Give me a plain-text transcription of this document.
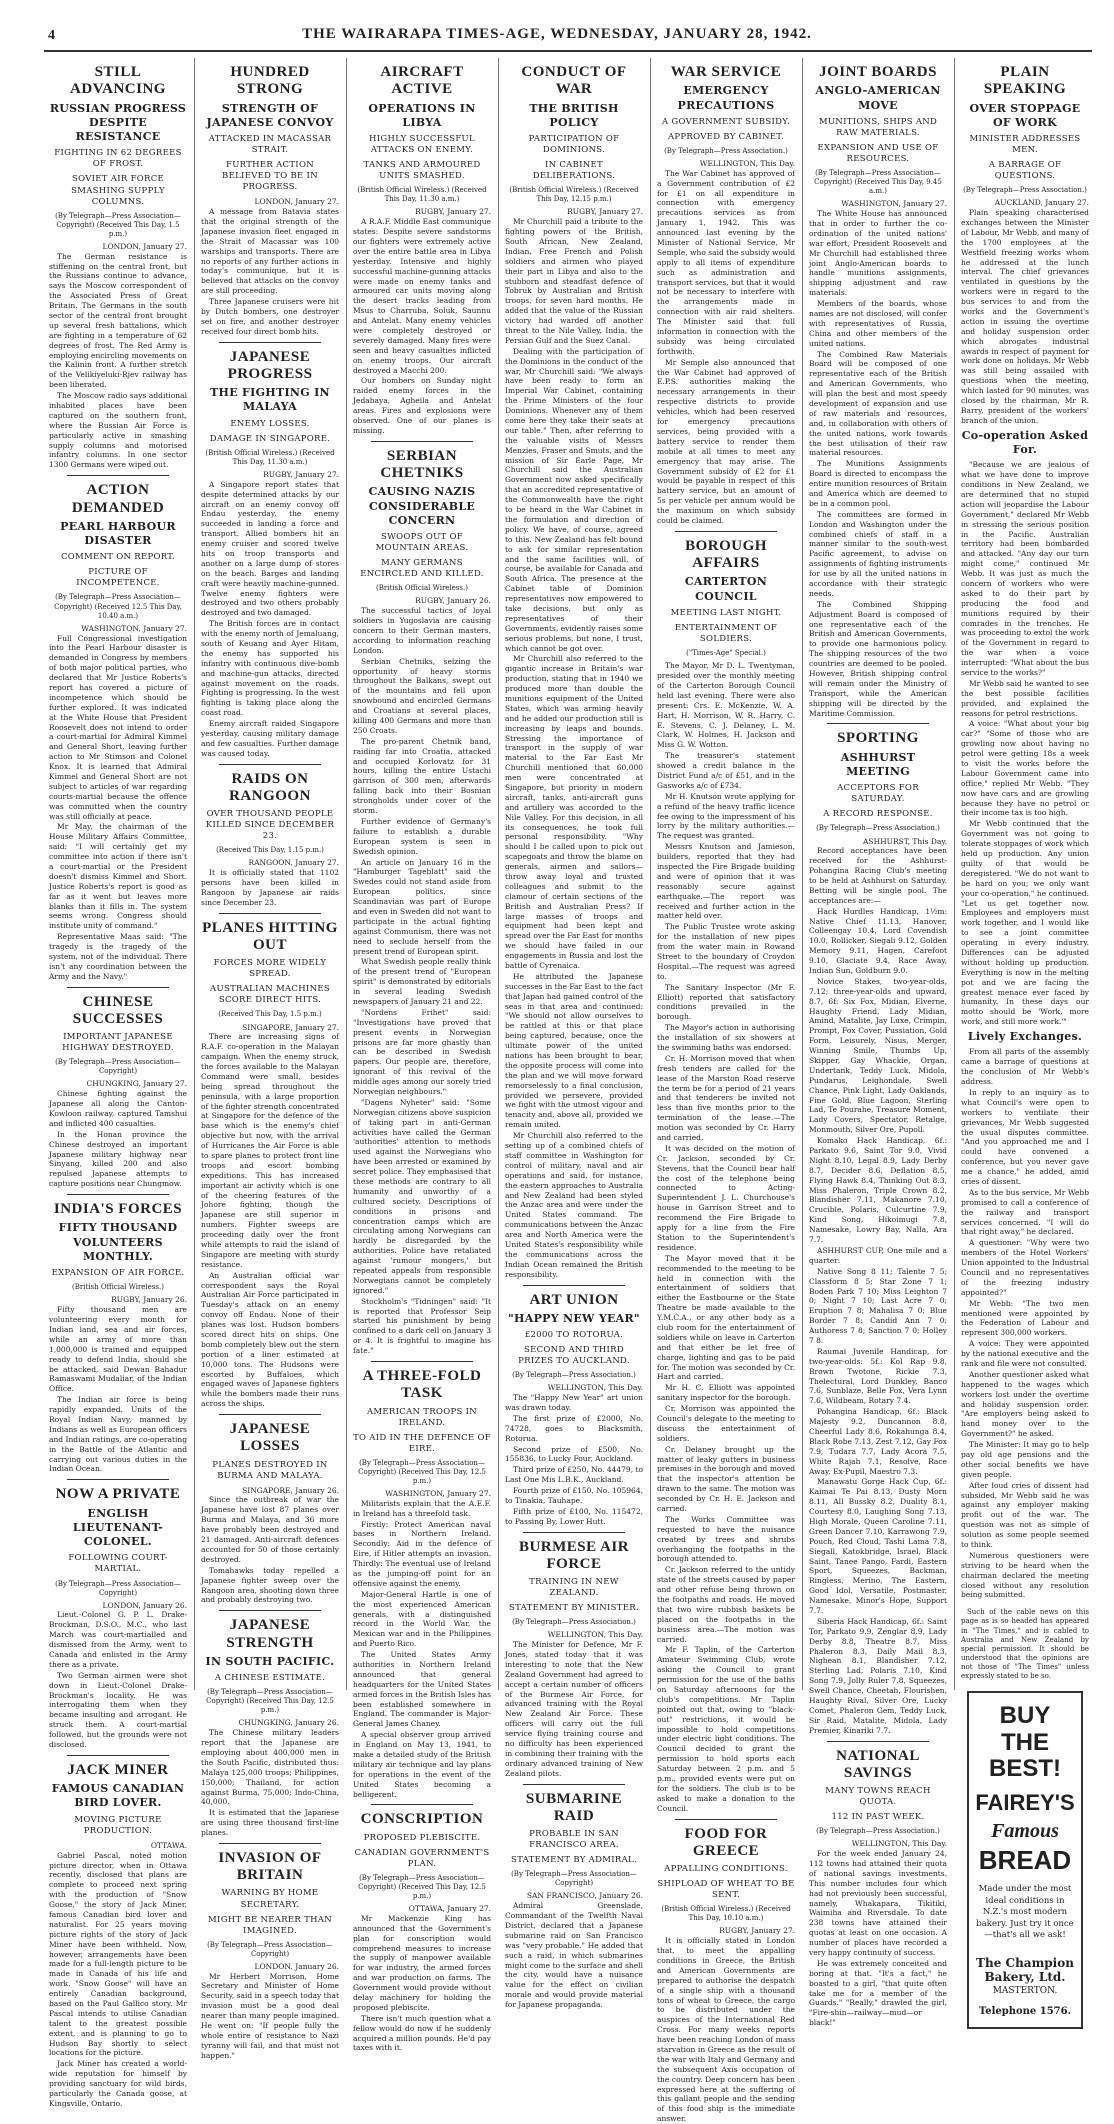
4	THE WAIRARAPA TIMES-AGE, WEDNESDAY, JANUARY 28, 1942.
STILL ADVANCING
RUSSIAN PROGRESS DESPITE RESISTANCE
FIGHTING IN 62 DEGREES OF FROST.
SOVIET AIR FORCE SMASHING SUPPLY COLUMNS.
(By Telegraph—Press Association—Copyright) (Received This Day, 1.5 p.m.)
LONDON, January 27.
The German resistance is stiffening on the central front, but the Russians continue to advance, says the Moscow correspondent of the Associated Press of Great Britain. The Germans in the south sector of the central front brought up several fresh battalions, which are fighting in a temperature of 62 degrees of frost. The Red Army is employing encircling movements on the Kalinin front. A further stretch of the Velikiyeluki-Rjev railway has been liberated.
The Moscow radio says additional inhabited places have been captured on the southern front, where the Russian Air Force is particularly active in smashing supply columns and motorised infantry columns. In one sector 1300 Germans were wiped out.
ACTION DEMANDED
PEARL HARBOUR DISASTER
COMMENT ON REPORT.
PICTURE OF INCOMPETENCE.
(By Telegraph—Press Association—Copyright) (Received 12.5 This Day, 10.40 a.m.)
WASHINGTON, January 27.
Full Congressional investigation into the Pearl Harbour disaster is demanded in Congress by members of both major political parties, who declared that Mr Justice Roberts's report has covered a picture of incompetence which should be further explored. It was indicated at the White House that President Roosevelt does not intend to order a court-martial for Admiral Kimmel and General Short, leaving further action to Mr Stimson and Colonel Knox. It is learned that Admiral Kimmel and General Short are not subject to articles of war regarding courts-martial because the offence was committed when the country was still officially at peace.
Mr May, the chairman of the House Military Affairs Committee, said: "I will certainly get my committee into action if there isn't a court-martial or the President doesn't dismiss Kimmel and Short. Justice Roberts's report is good as far as it went but leaves more blanks than it fills in. The system seems wrong. Congress should institute unity of command."
Representative Maas said: "The tragedy is the tragedy of the system, not of the individual. There isn't any coordination between the Army and the Navy."
CHINESE SUCCESSES
IMPORTANT JAPANESE HIGHWAY DESTROYED.
(By Telegraph—Press Association—Copyright)
CHUNGKING, January 27.
Chinese fighting against the Japanese all along the Canton-Kowloon railway, captured Tamshui and inflicted 400 casualties.
In the Honan province the Chinese destroyed an important Japanese military highway near Sinyang, killed 200 and also repulsed Japanese attempts to capture positions near Chungmow.
INDIA'S FORCES
FIFTY THOUSAND VOLUNTEERS MONTHLY.
EXPANSION OF AIR FORCE.
(British Official Wireless.)
RUGBY, January 26.
Fifty thousand men are volunteering every month for Indian land, sea and air forces, while an army of more than 1,000,000 is trained and equipped ready to defend India, should she be attacked, said Dewan Bahadur Ramaswami Mudaliar, of the Indian Office.
The Indian air force is being rapidly expanded. Units of the Royal Indian Navy, manned by Indians as well as European officers and Indian ratings, are co-operating in the Battle of the Atlantic and carrying out various duties in the Indian Ocean.
NOW A PRIVATE
ENGLISH LIEUTENANT-COLONEL.
FOLLOWING COURT-MARTIAL.
(By Telegraph—Press Association—Copyright)
LONDON, January 26.
Lieut.-Colonel G. P. L. Drake-Brockman, D.S.O., M.C., who last March was court-martialled and dismissed from the Army, went to Canada and enlisted in the Army there as a private.
Two German airmen were shot down in Lieut.-Colonel Drake-Brockman's locality. He was interrogating them when they became insulting and arrogant. He struck them. A court-martial followed, but the grounds were not disclosed.
JACK MINER
FAMOUS CANADIAN BIRD LOVER.
MOVING PICTURE PRODUCTION.
OTTAWA.
Gabriel Pascal, noted motion picture director, when in Ottawa recently, disclosed that plans are complete to proceed next spring with the production of "Snow Goose," the story of Jack Miner, famous Canadian bird lover and naturalist. For 25 years moving picture rights of the story of Jack Miner have been withheld. Now, however, arrangements have been made for a full-length picture to be made in Canada of his life and work. "Snow Goose" will have an entirely Canadian background, based on the Paul Gallico story. Mr Pascal intends to utilise Canadian talent to the greatest possible extent, and is planning to go to Hudson Bay shortly to select locations for the picture.
Jack Miner has created a world-wide reputation for himself by providing sanctuary for wild birds, particularly the Canada goose, at Kingsville, Ontario.
HUNDRED STRONG
STRENGTH OF JAPANESE CONVOY
ATTACKED IN MACASSAR STRAIT.
FURTHER ACTION BELIEVED TO BE IN PROGRESS.
LONDON, January 27.
A message from Batavia states that the original strength of the Japanese invasion fleet engaged in the Strait of Macassar was 100 warships and transports. There are no reports of any further actions in today's communique, but it is believed that attacks on the convoy are still proceeding.
Three Japanese cruisers were hit by Dutch bombers, one destroyer set on fire, and another destroyer received four direct bomb hits.
JAPANESE PROGRESS
THE FIGHTING IN MALAYA
ENEMY LOSSES.
DAMAGE IN SINGAPORE.
(British Official Wireless.) (Received This Day, 11.30 a.m.)
RUGBY, January 27.
A Singapore report states that despite determined attacks by our aircraft on an enemy convoy off Endau yesterday, the enemy succeeded in landing a force and transport. Allied bombers hit an enemy cruiser and scored twelve hits on troop transports and another on a large dump of stores on the beach. Barges and landing craft were heavily machine-gunned. Twelve enemy fighters were destroyed and two others probably destroyed and two damaged.
The British forces are in contact with the enemy north of Jemaluang, south of Keuang and Ayer Hitam, the enemy has supported his infantry with continuous dive-bomb and machine-gun attacks, directed against movement on the roads. Fighting is progressing. In the west fighting is taking place along the coast road.
Enemy aircraft raided Singapore yesterday, causing military damage and few casualties. Further damage was caused today.
RAIDS ON RANGOON
OVER THOUSAND PEOPLE KILLED SINCE DECEMBER 23.
(Received This Day, 1.15 p.m.)
RANGOON, January 27.
It is officially stated that 1102 persons have been killed in Rangoon by Japanese air raids since December 23.
PLANES HITTING OUT
FORCES MORE WIDELY SPREAD.
AUSTRALIAN MACHINES SCORE DIRECT HITS.
(Received This Day, 1.5 p.m.)
SINGAPORE, January 27.
There are increasing signs of R.A.F. co-operation in the Malayan campaign. When the enemy struck, the forces available to the Malayan Command were small, besides being spread throughout the peninsula, with a large proportion of the fighter strength concentrated at Singapore for the defence of the base which is the enemy's chief objective but now, with the arrival of Hurricanes the Air Force is able to spare planes to protect front line troops and escort bombing expeditions. This has increased important air activity which is one of the cheering features of the Johore fighting, though the Japanese are still superior in numbers. Fighter sweeps are proceeding daily over the front while attempts to raid the island of Singapore are meeting with sturdy resistance.
An Australian official war correspondent says the Royal Australian Air Force participated in Tuesday's attack on an enemy convoy off Endau. None of their planes was lost. Hudson bombers scored direct hits on ships. One bomb completely blew out the stern portion of a liner estimated at 10,000 tons. The Hudsons were escorted by Buffaloes, which engaged waves of Japanese fighters while the bombers made their runs across the ships.
JAPANESE LOSSES
PLANES DESTROYED IN BURMA AND MALAYA.
SINGAPORE, January 26.
Since the outbreak of war the Japanese have lost 87 planes over Burma and Malaya, and 36 more have probably been destroyed and 21 damaged. Anti-aircraft defences accounted for 50 of those certainly destroyed.
Tomahawks today repelled a Japanese fighter sweep over the Rangoon area, shooting down three and probably destroying two.
JAPANESE STRENGTH
IN SOUTH PACIFIC.
A CHINESE ESTIMATE.
(By Telegraph—Press Association—Copyright) (Received This Day, 12.5 p.m.)
CHUNGKING, January 26.
The Chinese military leaders report that the Japanese are employing about 400,000 men in the South Pacific, distributed thus: Malaya 125,000 troops; Philippines, 150,000; Thailand, for action against Burma, 75,000; Indo-China, 40,000.
It is estimated that the Japanese are using three thousand first-line planes.
INVASION OF BRITAIN
WARNING BY HOME SECRETARY.
MIGHT BE NEARER THAN IMAGINED.
(By Telegraph—Press Association—Copyright)
LONDON, January 26.
Mr Herbert Morrison, Home Secretary and Minister of Home Security, said in a speech today that invasion must be a good deal nearer than many people imagined. He went on: "If people fully the whole entire of resistance to Nazi tyranny will fail, and that must not happen."
AIRCRAFT ACTIVE
OPERATIONS IN LIBYA
HIGHLY SUCCESSFUL ATTACKS ON ENEMY.
TANKS AND ARMOURED UNITS SMASHED.
(British Official Wireless.) (Received This Day, 11.30 a.m.)
RUGBY, January 27.
A R.A.F. Middle East communique states: Despite severe sandstorms our fighters were extremely active over the entire battle area in Libya yesterday. Intensive and highly successful machine-gunning attacks were made on enemy tanks and armoured car units moving along the desert tracks leading from Msus to Charruba, Soluk, Saunnu and Antelat. Many enemy vehicles were completely destroyed or severely damaged. Many fires were seen and heavy casualties inflicted on enemy troops. Our aircraft destroyed a Macchi 200.
Our bombers on Sunday night raided enemy forces in the Jedabaya, Agheila and Antelat areas. Fires and explosions were observed. One of our planes is missing.
SERBIAN CHETNIKS
CAUSING NAZIS CONSIDERABLE CONCERN
SWOOPS OUT OF MOUNTAIN AREAS.
MANY GERMANS ENCIRCLED AND KILLED.
(British Official Wireless.)
RUGBY, January 26.
The successful tactics of loyal soldiers in Yugoslavia are causing concern to their German masters, according to information reaching London.
Serbian Chetniks, seizing the opportunity of heavy storms throughout the Balkans, swept out of the mountains and fell upon snowbound and encircled Germans and Croatians at several places, killing 400 Germans and more than 250 Croats.
The pro-parent Chetnik band, raiding far into Croatia, attacked and occupied Korlovatz for 31 hours, killing the entire Ustachi garrison of 300 men, afterwards falling back into their Bosnian strongholds under cover of the storm.
Further evidence of Germany's failure to establish a durable European system is seen in Swedish opinion.
An article on January 16 in the "Hamburger Tageblatt" said the Swedes could not stand aside from European politics, since Scandinavian was part of Europe and even in Sweden did not want to participate in the actual fighting against Communism, there was not need to seclude herself from the present trend of European spirit.
What Swedish people really think of the present trend of "European spirit" is demonstrated by editorials in several leading Swedish newspapers of January 21 and 22.
"Nordens Frihet" said: "Investigations have proved that present events in Norwegian prisons are far more ghastly than can be described in Swedish papers. Our people are, therefore, ignorant of this revival of the middle ages among our sorely tried Norwegian neighbours."
"Dagens Nyheter" said: "Some Norwegian citizens above suspicion of taking part in anti-German activities have called the German 'authorities' attention to methods used against the Norwegians who have been arrested or examined by secret police. They emphasised that these methods are contrary to all humanity and unworthy of a cultured society. Descriptions of conditions in prisons and concentration camps which are circulating among Norwegians can hardly be disregarded by the authorities. Police have retaliated against 'rumour mongers,' but repeated appeals from responsible Norwegians cannot be completely ignored."
Stockholm's "Tidningen" said: "It is reported that Professor Seip started his punishment by being confined to a dark cell on January 3 or 4. It is frightful to imagine his fate."
A THREE-FOLD TASK
AMERICAN TROOPS IN IRELAND.
TO AID IN THE DEFENCE OF EIRE.
(By Telegraph—Press Association—Copyright) (Received This Day, 12.5 p.m.)
WASHINGTON, January 27.
Militarists explain that the A.E.F. in Ireland has a threefold task.
Firstly: Protect American naval bases in Northern Ireland. Secondly: Aid in the defence of Eire, if Hitler attempts an invasion. Thirdly: The eventual use of Ireland as the jumping-off point for an offensive against the enemy.
Major-General Hartle is one of the most experienced American generals, with a distinguished record in the World War, the Mexican war and in the Philippines and Puerto Rico.
The United States Army authorities in Northern Ireland announced that general headquarters for the United States armed forces in the British Isles has been established somewhere in England. The commander is Major-General James Chaney.
A special observer group arrived in England on May 13, 1941, to make a detailed study of the British military air technique and lay plans for operations in the event of the United States becoming a belligerent.
CONSCRIPTION
PROPOSED PLEBISCITE.
CANADIAN GOVERNMENT'S PLAN.
(By Telegraph—Press Association—Copyright) (Received This Day, 12.5 p.m.)
OTTAWA, January 27.
Mr Mackenzie King has announced that the Government's plan for conscription would comprehend measures to increase the supply of manpower available for war industry, the armed forces and war production on farms. The Government would provide without delay machinery for holding the proposed plebiscite.
There isn't much question what a fellow would do now if he suddenly acquired a million pounds. He'd pay taxes with it.
CONDUCT OF WAR
THE BRITISH POLICY
PARTICIPATION OF DOMINIONS.
IN CABINET DELIBERATIONS.
(British Official Wireless.) (Received This Day, 12.15 p.m.)
RUGBY, January 27.
Mr Churchill paid a tribute to the fighting powers of the British, South African, New Zealand, Indian, Free French and Polish soldiers and airmen who played their part in Libya and also to the stubborn and steadfast defence of Tobruk by Australian and British troops, for seven hard months. He added that the value of the Russian victory had warded off another threat to the Nile Valley, India, the Persian Gulf and the Suez Canal.
Dealing with the participation of the Dominions in the conduct of the war, Mr Churchill said: "We always have been ready to form an Imperial War Cabinet, containing the Prime Ministers of the four Dominions. Whenever any of them come here they take their seats at our table." Then, after referring to the valuable visits of Messrs Menzies, Fraser and Smuts, and the mission of Sir Earle Page, Mr Churchill said the Australian Government now asked specifically that an accredited representative of the Commonwealth have the right to be heard in the War Cabinet in the formulation and direction of policy. We have, of course, agreed to this. New Zealand has felt bound to ask for similar representation and the same facilities will, of course, be available for Canada and South Africa. The presence at the Cabinet table of Dominion representatives now empowered to take decisions, but only as representatives of their Governments, evidently raises some serious problems, but none, I trust, which cannot be got over.
Mr Churchill also referred to the gigantic increase in Britain's war production, stating that in 1940 we produced more than double the munitions equipment of the United States, which was arming heavily and he added our production still is increasing by leaps and bounds. Stressing the importance of transport in the supply of war material to the Far East Mr Churchill mentioned that 60,000 men were concentrated at Singapore, but priority in modern aircraft, tanks, anti-aircraft guns and artillery was accorded to the Nile Valley. For this decision, in all its consequences, he took full personal responsibility. "Why should I be called upon to pick out scapegoats and throw the blame on generals, airmen and sailors—throw away loyal and trusted colleagues and submit to the clamour of certain sections of the British and Australian Press? If large masses of troops and equipment had been kept and spread over the Far East for months we should have failed in our engagements in Russia and lost the battle of Cyrenaica.
He attributed the Japanese successes in the Far East to the fact that Japan had gained control of the seas in that area and continued: "We should not allow ourselves to be rattled at this or that place being captured, because, once the ultimate power of the united nations has been brought to bear, the opposite process will come into the plan and we will move forward remorselessly to a final conclusion, provided we persevere, provided we fight with the utmost vigour and tenacity and, above all, provided we remain united.
Mr Churchill also referred to the setting up of a combined chiefs of staff committee in Washington for control of military, naval and air operations and said, for instance, the eastern approaches to Australia and New Zealand had been styled the Anzac area and were under the United States command. The communications between the Anzac area and North America were the United States's responsibility while the communications across the Indian Ocean remained the British responsibility.
ART UNION
"HAPPY NEW YEAR"
£2000 TO ROTORUA.
SECOND AND THIRD PRIZES TO AUCKLAND.
(By Telegraph—Press Association.)
WELLINGTON, This Day.
The "Happy New Year" art union was drawn today.
The first prize of £2000, No. 74728, goes to Blacksmith, Rotorua.
Second prize of £500, No. 155836, to Lucky Four, Auckland.
Third prize of £250, No. 44479, to Last One Mis L.B.K., Auckland.
Fourth prize of £150, No. 105964, to Tinakia, Tauhape.
Fifth prize of £100, No. 115472, to Passing By, Lower Hutt.
BURMESE AIR FORCE
TRAINING IN NEW ZEALAND.
STATEMENT BY MINISTER.
(By Telegraph—Press Association.)
WELLINGTON, This Day.
The Minister for Defence, Mr F. Jones, stated today that it was interesting to note that the New Zealand Government had agreed to accept a certain number of officers of the Burmese Air Force, for advanced training with the Royal New Zealand Air Force. These officers will carry out the full service flying training course and no difficulty has been experienced in combining their training with the ordinary advanced training of New Zealand pilots.
SUBMARINE RAID
PROBABLE IN SAN FRANCISCO AREA.
STATEMENT BY ADMIRAL.
(By Telegraph—Press Association—Copyright)
SAN FRANCISCO, January 26.
Admiral Greenslade, Commandant of the Twelfth Naval District, declared that a Japanese submarine raid on San Francisco was "very probable." He added that such a raid, in which submarines might come to the surface and shell the city, would have a nuisance value for the effect on civilian morale and would provide material for Japanese propaganda.
WAR SERVICE
EMERGENCY PRECAUTIONS
A GOVERNMENT SUBSIDY.
APPROVED BY CABINET.
(By Telegraph—Press Association.)
WELLINGTON, This Day.
The War Cabinet has approved of a Government contribution of £2 for £1 on all expenditure in connection with emergency precautions services as from January 1, 1942. This was announced last evening by the Minister of National Service, Mr Semple, who said the subsidy would apply to all items of expenditure such as administration and transport services, but that it would not be necessary to interfere with the arrangements made in connection with air raid shelters. The Minister said that full information in connection with the subsidy was being circulated forthwith.
Mr Semple also announced that the War Cabinet had approved of E.P.S. authorities making the necessary arrangements in their respective districts to provide vehicles, which had been reserved for emergency precautions services, being provided with a battery service to render them mobile at all times to meet any emergency that may arise. The Government subsidy of £2 for £1 would be payable in respect of this battery service, but an amount of 5s per vehicle per annum would be the maximum on which subsidy could be claimed.
BOROUGH AFFAIRS
CARTERTON COUNCIL
MEETING LAST NIGHT.
ENTERTAINMENT OF SOLDIERS.
("Times-Age" Special.)
The Mayor, Mr D. L. Twentyman, presided over the monthly meeting of the Carterton Borough Council held last evening. There were also present: Crs. E. McKenzie, W. A. Hart, H. Morrison, W. R. Harry, C. E. Stevens, C. J. Delaney, L. M. Clark, W. Holmes, H. Jackson and Miss G. W. Wotton.
The treasurer's statement showed a credit balance in the District Fund a/c of £51, and in the Gasworks a/c of £734.
Mr H. Knutson wrote applying for a refund of the heavy traffic licence fee owing to the impressment of his lorry by the military authorities.—The request was granted.
Messrs Knutson and Jamieson, builders, reported that they had inspected the Fire Brigade building and were of opinion that it was reasonably secure against earthquake.—The report was received and further action in the matter held over.
The Public Trustee wrote asking for the installation of new pipes from the water main in Rowand Street to the boundary of Croydon Hospital.—The request was agreed to.
The Sanitary Inspector (Mr F. Elliott) reported that satisfactory conditions prevailed in the borough.
The Mayor's action in authorising the installation of six showers at the swimming baths was endorsed.
Cr. H. Morrison moved that when fresh tenders are called for the lease of the Marston Road reserve the term be for a period of 21 years and that tenderers be invited not less than five months prior to the termination of the lease.—The motion was seconded by Cr. Harry and carried.
It was decided on the motion of Cr. Jackson, seconded by Cr. Stevens, that the Council bear half the cost of the telephone being connected to Acting-Superintendent J. L. Churchouse's house in Garrison Street and to recommend the Fire Brigade to apply for a line from the Fire Station to the Superintendent's residence.
The Mayor moved that it be recommended to the meeting to be held in connection with the entertainment of soldiers that either the Eastbourne or the State Theatre be made available to the Y.M.C.A., or any other body as a club room for the entertainment of soldiers while on leave in Carterton and that either be let free of charge, lighting and gas to be paid for. The motion was seconded by Cr. Hart and carried.
Mr H. C. Elliott was appointed sanitary inspector for the borough.
Cr. Morrison was appointed the Council's delegate to the meeting to discuss the entertainment of soldiers.
Cr. Delaney brought up the matter of leaky gutters in business premises in the borough and moved that the inspector's attention be drawn to the same. The motion was seconded by Cr. H. E. Jackson and carried.
The Works Committee was requested to have the nuisance created by trees and shrubs overhanging the footpaths in the borough attended to.
Cr. Jackson referred to the untidy state of the streets caused by paper and other refuse being thrown on the footpaths and roads. He moved that two wire rubbish baskets be placed on the footpaths in the business area.—The motion was carried.
Mr F. Taplin, of the Carterton Amateur Swimming Club, wrote asking the Council to grant permission for the use of the baths on Saturday afternoons for the club's competitions. Mr Taplin pointed out that, owing to "black-out" restrictions, it would be impossible to hold competitions under electric light conditions. The Council decided to grant the permission to hold sports each Saturday between 2 p.m. and 5 p.m., provided events were put on for the soldiers. The club is to be asked to make a donation to the Council.
FOOD FOR GREECE
APPALLING CONDITIONS.
SHIPLOAD OF WHEAT TO BE SENT.
(British Official Wireless.) (Received This Day, 10.10 a.m.)
RUGBY, January 27.
It is officially stated in London that, to meet the appalling conditions in Greece, the British and American Governments are prepared to authorise the despatch of a single ship with a thousand tons of wheat to Greece, the cargo to be distributed under the auspices of the International Red Cross. For many weeks reports have been reaching London of mass starvation in Greece as the result of the war with Italy and Germany and the subsequent Axis occupation of the country. Deep concern has been expressed here at the suffering of this gallant people and the sending of this food ship is the immediate answer.
JOINT BOARDS
ANGLO-AMERICAN MOVE
MUNITIONS, SHIPS AND RAW MATERIALS.
EXPANSION AND USE OF RESOURCES.
(By Telegraph—Press Association—Copyright) (Received This Day, 9.45 a.m.)
WASHINGTON, January 27.
The White House has announced that in order to further the co-ordination of the united nations' war effort, President Roosevelt and Mr Churchill had established three joint Anglo-American boards to handle munitions assignments, shipping adjustment and raw materials.
Members of the boards, whose names are not disclosed, will confer with representatives of Russia, China and other members of the united nations.
The Combined Raw Materials Board will be composed of one representative each of the British and American Governments, who will plan the best and most speedy development of expansion and use of raw materials and resources, and, in collaboration with others of the united nations, work towards the best utilisation of their raw material resources.
The Munitions Assignments Board is directed to encompass the entire munition resources of Britain and America which are deemed to be in a common pool.
The committees are formed in London and Washington under the combined chiefs of staff in a manner similar to the south-west Pacific agreement, to advise on assignments of fighting instruments for use by all the united nations in accordance with their strategic needs.
The Combined Shipping Adjustment Board is composed of one representative each of the British and American Governments, to provide one harmonious policy. The shipping resources of the two countries are deemed to be pooled. However, British shipping control will remain under the Ministry of Transport, while the American shipping will be directed by the Maritime Commission.
SPORTING
ASHHURST MEETING
ACCEPTORS FOR SATURDAY.
A RECORD RESPONSE.
(By Telegraph—Press Association.)
ASHHURST, This Day.
Record acceptances have been received for the Ashhurst-Pohangina Racing Club's meeting to be held at Ashhurst on Saturday. Betting will be single pool. The acceptances are:—
Hack Hurdles Handicap, 1½m: Native Chief 11.13, Hanover, Colleengay 10.4, Lord Covendish 10.0, Rollicker, Siegali 9.12, Golden Memory 9.11, Hagen, Carefoot 9.10, Glaciate 9.4, Race Away, Indian Sun, Goldburn 9.0.
Novice Stakes, two-year-olds, 7.12; three-year-olds and upward, 8.7, 6f: Six Fox, Midian, Elverne, Haughty Friend, Lady Midian, Amind, Matalite, Jay Luxe, Crimpin, Prompt, Fox Cover, Pussiation, Gold Form, Leisurely, Nisus, Merger, Winning Smile, Thumbs Up, Skipper, Gay Whackie, Organ, Undertank, Teddy Luck, Midola, Pundarus, Leighondale, Swell Chance, Pink Light, Lady Oaklands, Fine Gold, Blue Lagoon, Sterling Lad, Te Pourahe, Treasure Moment, Lady Covers, Spectator, Retalge, Monmouth, Silver Ore, Pupoll.
Komako Hack Handicap, 6f.: Parkato 9.6, Saint Tor 9.0, Vivid Night 8.10, Legal 8.9, Lady Derby 8.7, Decider 8.6, Deflation 8.5, Flying Hawk 8.4, Thinking Out 8.3, Miss Phaleron, Triple Crown 8.2, Blandisher 7.11, Makanore 7.10, Crucible, Polaris, Culcurtine 7.9, Kind Song, Hikoimugi 7.8, Namesake, Lowry Bay, Nalla, Ara 7.7.
ASHHURST CUP, One mile and a quarter:
Native Song 8 11; Talente 7 5; Classform 8 5; Star Zone 7 1; Boden Park 7 10; Miss Leighton 7 0; Night 7 10; Last Acre 7 0; Eruption 7 8; Mahalisa 7 0; Blue Border 7 8; Candid Ann 7 0; Authoress 7 8; Sanction 7 0; Holley 7 8.
Raumai Juvenile Handicap, for two-year-olds: 5f.: Kol Rap 9.8, Brown Twotone, Rickie 7.3, Thelectural, Lord Dunkley, Banco 7.6, Sunblaze, Belle Fox, Vera Lynn 7.6, Wildbeam, Rotary 7.4.
Pohangina Handicap, 6f.: Black Majesty 9.2, Duncannon 8.8, Cheerful Lady 8.6, Rokahunga 8.4, Black Robe 7.13, Zest 7.12, Gay Fox 7.9, Tudara 7.7, Lady Acora 7.5, White Rajah 7.1, Resolve, Race Away, Ex-Pupil, Maestro 7.3.
Manawatu Gorge Hack Cup, 6f.: Kaimai Te Pai 8.13, Dusty Morn 8.11, All Bussky 8.2, Duality 8.1, Courtesy 8.0, Laughing Song 7.13, High Morale, Queen Caroline 7.11, Green Dancer 7.10, Karrawong 7.9, Pouch, Red Cloud, Tashi Lama 7.8, Siegall, Katokbridge, Israel, Black Saint, Tanee Pango, Fardi, Eastern Sport, Squeezes, Backman, Ringless, Merino, The Eastern, Good Idol, Versatile, Postmaster, Namesake, Minor's Hope, Support 7.7.
Siberia Hack Handicap, 6f.: Saint Tor, Parkato 9.9, Zenglar 8.9, Lady Derby 8.8, Theatre 8.7, Miss Phaleron 8.3, Daily Mail 8.3, Nighean 8.1, Blandisher 7.12, Sterling Lad, Polaris 7.10, Kind Song 7.9, Jolly Ruler 7.8, Squeezes, Swell Chance, Cheetah, Flourishen, Haughty Rival, Silver Ore, Lucky Comet, Phaleron Gem, Teddy Luck, Sir Raid, Matalite, Midola, Lady Premier, Kinariki 7.7.
NATIONAL SAVINGS
MANY TOWNS REACH QUOTA.
112 IN PAST WEEK.
(By Telegraph—Press Association.)
WELLINGTON, This Day.
For the week ended January 24, 112 towns had attained their quota of national savings investments. This number includes four which had not previously been successful, namely, Whakapara, Tikitiki, Waimiha and Riversdale. To date 238 towns have attained their quotas at least on one occasion. A number of places have recorded a very happy continuity of success.
He was extremely conceited and boring at that. "It's a fact," he boasted to a girl, "that quite often take me for a member of the Guards." "Really," drawled the girl, "Fire-shin—railway—mud—or black!"
PLAIN SPEAKING
OVER STOPPAGE OF WORK
MINISTER ADDRESSES MEN.
A BARRAGE OF QUESTIONS.
(By Telegraph—Press Association.)
AUCKLAND, January 27.
Plain speaking characterised exchanges between the Minister of Labour, Mr Webb, and many of the 1700 employees at the Westfield freezing works whom he addressed at the lunch interval. The chief grievances ventilated in questions by the workers were in regard to the bus services to and from the works and the Government's action in issuing the overtime and holiday suspension order which abrogates industrial awards in respect of payment for work done on holidays. Mr Webb was still being assailed with questions when the meeting, which lasted for 90 minutes, was closed by the chairman, Mr R. Barry, president of the workers' branch of the union.
Co-operation Asked For.
"Because we are jealous of what we have done to improve conditions in New Zealand, we are determined that no stupid action will jeopardise the Labour Government," declared Mr Webb in stressing the serious position in the Pacific. Australian territory had been bombarded and attacked. "Any day our turn might come," continued Mr Webb. It was just as much the concern of workers who were asked to do their part by producing the food and munitions required by their comrades in the trenches. He was proceeding to extol the work of the Government in regard to the war when a voice interrupted: "What about the bus service to the works?"
Mr Webb said he wanted to see the best possible facilities provided, and explained the reasons for petrol restrictions.
A voice: "What about your big car?" "Some of those who are growling now about having no petrol were getting 18s a week to visit the works before the Labour Government came into office," replied Mr Webb. "They now have cars and are growling because they have no petrol or their income tax is too high.
Mr Webb continued that the Government was not going to tolerate stoppages of work which held up production. Any union guilty of that would be deregistered. "We do not want to be hard on you; we only want your co-operation," he continued. "Let us get together now. Employees and employers must work together, and I would like to see a joint committee operating in every industry. Differences can be adjusted without holding up production. Everything is now in the melting pot and we are facing the greatest menace ever faced by humanity. In these days our motto should be 'Work, more work, and still more work.'"
Lively Exchanges.
From all parts of the assembly came a barrage of questions at the conclusion of Mr Webb's address.
In reply to an inquiry as to what Council's were open to workers to ventilate their grievances, Mr Webb suggested the usual disputes committee. "And you approached me and I could have convened a conference, but you never gave me a chance," he added, amid cries of dissent.
As to the bus service, Mr Webb promised to call a conference of the railway and transport services concerned. "I will do that right away," he declared.
A questioner: "Why were two members of the Hotel Workers' Union appointed to the Industrial Council and no representatives of the freezing industry appointed?"
Mr Webb: "The two men mentioned were appointed by the Federation of Labour and represent 300,000 workers.
A voice: They were appointed by the national executive and the rank and file were not consulted.
Another questioner asked what happened to the wages which workers lost under the overtime and holiday suspension order. "Are employers being asked to hand money over to the Government?" he asked.
The Minister: It may go to help pay old age pensions and the other social benefits we have given people.
After loud cries of dissent had subsided, Mr Webb said he was against any employer making profit out of the war. The question was not as simple of solution as some people seemed to think.
Numerous questioners were striving to be heard when the chairman declared the meeting closed without any resolution being submitted.
Such of the cable news on this page as is so headed has appeared in "The Times," and is cabled to Australia and New Zealand by special permission. It should be understood that the opinions are not those of "The Times" unless expressly stated to be so.
BUY
THE
BEST!
FAIREY'S
Famous
BREAD
Made under the most ideal conditions in N.Z.'s most modern bakery. Just try it once—that's all we ask!
The Champion Bakery, Ltd.
MASTERTON.
Telephone 1576.
